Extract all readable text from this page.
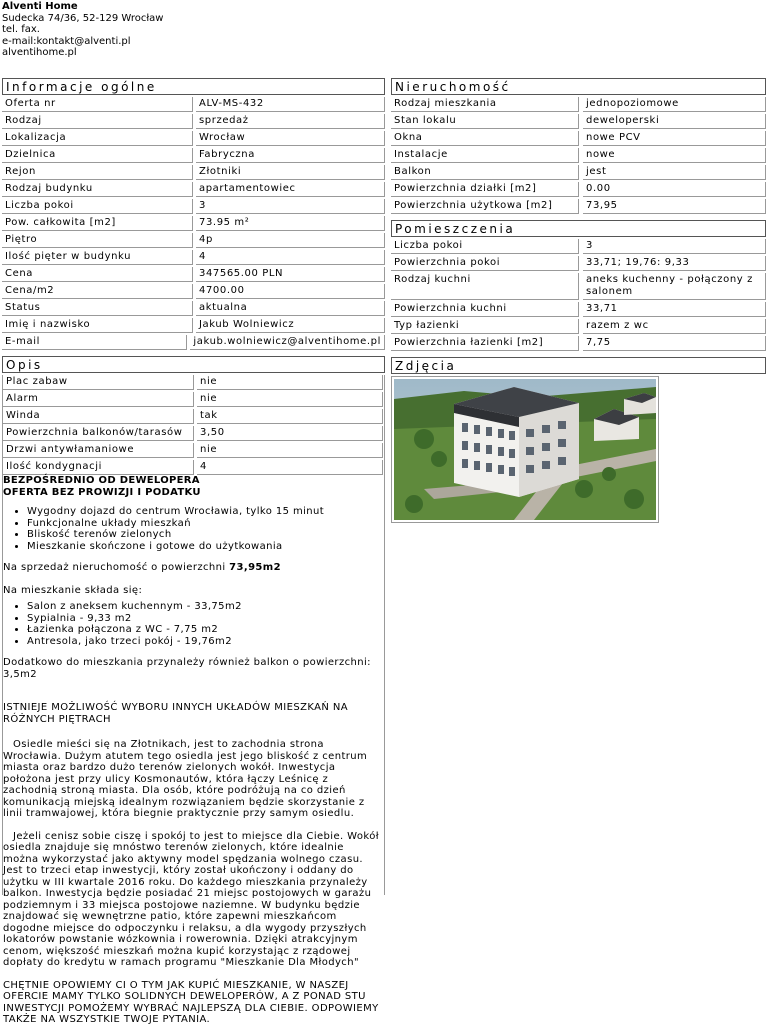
Alventi Home
Sudecka 74/36, 52-129 Wrocław
tel. fax.
e-mail:kontakt@alventi.pl
alventihome.pl
Informacje ogólne
Oferta nr	ALV-MS-432
Rodzaj	sprzedaż
Lokalizacja	Wrocław
Dzielnica	Fabryczna
Rejon	Złotniki
Rodzaj budynku	apartamentowiec
Liczba pokoi	3
Pow. całkowita [m2]	73.95 m²
Piętro	4p
Ilość pięter w budynku	4
Cena	347565.00 PLN
Cena/m2	4700.00
Status	aktualna
Imię i nazwisko	Jakub Wolniewicz
E-mail	jakub.wolniewicz@alventihome.pl
Opis
Plac zabaw	nie
Alarm	nie
Winda	tak
Powierzchnia balkonów/tarasów	3,50
Drzwi antywłamaniowe	nie
Ilość kondygnacji	4
BEZPOŚREDNIO OD DEWELOPERA
OFERTA BEZ PROWIZJI I PODATKU
• Wygodny dojazd do centrum Wrocławia, tylko 15 minut
• Funkcjonalne układy mieszkań
• Bliskość terenów zielonych
• Mieszkanie skończone i gotowe do użytkowania

Na sprzedaż nieruchomość o powierzchni 73,95m2

Na mieszkanie składa się:

• Salon z aneksem kuchennym - 33,75m2
• Sypialnia - 9,33 m2
• Łazienka połączona z WC - 7,75 m2
• Antresola, jako trzeci pokój - 19,76m2

Dodatkowo do mieszkania przynależy również balkon o powierzchni: 3,5m2

ISTNIEJE MOŻLIWOŚĆ WYBORU INNYCH UKŁADÓW MIESZKAŃ NA RÓŻNYCH PIĘTRACH

Osiedle mieści się na Złotnikach, jest to zachodnia strona Wrocławia. Dużym atutem tego osiedla jest jego bliskość z centrum miasta oraz bardzo dużo terenów zielonych wokół. Inwestycja położona jest przy ulicy Kosmonautów, która łączy Leśnicę z zachodnią stroną miasta. Dla osób, które podróżują na co dzień komunikacją miejską idealnym rozwiązaniem będzie skorzystanie z linii tramwajowej, która biegnie praktycznie przy samym osiedlu.

Jeżeli cenisz sobie ciszę i spokój to jest to miejsce dla Ciebie. Wokół osiedla znajduje się mnóstwo terenów zielonych, które idealnie można wykorzystać jako aktywny model spędzania wolnego czasu. Jest to trzeci etap inwestycji, który został ukończony i oddany do użytku w III kwartale 2016 roku. Do każdego mieszkania przynależy balkon. Inwestycja będzie posiadać 21 miejsc postojowych w garażu podziemnym i 33 miejsca postojowe naziemne. W budynku będzie znajdować się wewnętrzne patio, które zapewni mieszkańcom dogodne miejsce do odpoczynku i relaksu, a dla wygody przyszłych lokatorów powstanie wózkownia i rowerownia. Dzięki atrakcyjnym cenom, większość mieszkań można kupić korzystając z rządowej dopłaty do kredytu w ramach programu "Mieszkanie Dla Młodych"

CHĘTNIE OPOWIEMY CI O TYM JAK KUPIĆ MIESZKANIE, W NASZEJ OFERCIE MAMY TYLKO SOLIDNYCH DEWELOPERÓW, A Z PONAD STU INWESTYCJI POMOŻEMY WYBRAĆ NAJLEPSZĄ DLA CIEBIE. ODPOWIEMY TAKŻE NA WSZYSTKIE TWOJE PYTANIA.

Nieruchomość
Rodzaj mieszkania	jednopoziomowe
Stan lokalu	deweloperski
Okna	nowe PCV
Instalacje	nowe
Balkon	jest
Powierzchnia działki [m2]	0.00
Powierzchnia użytkowa [m2]	73,95
Pomieszczenia
Liczba pokoi	3
Powierzchnia pokoi	33,71; 19,76: 9,33
Rodzaj kuchni	aneks kuchenny - połączony z salonem
Powierzchnia kuchni	33,71
Typ łazienki	razem z wc
Powierzchnia łazienki [m2]	7,75
Zdjęcia
